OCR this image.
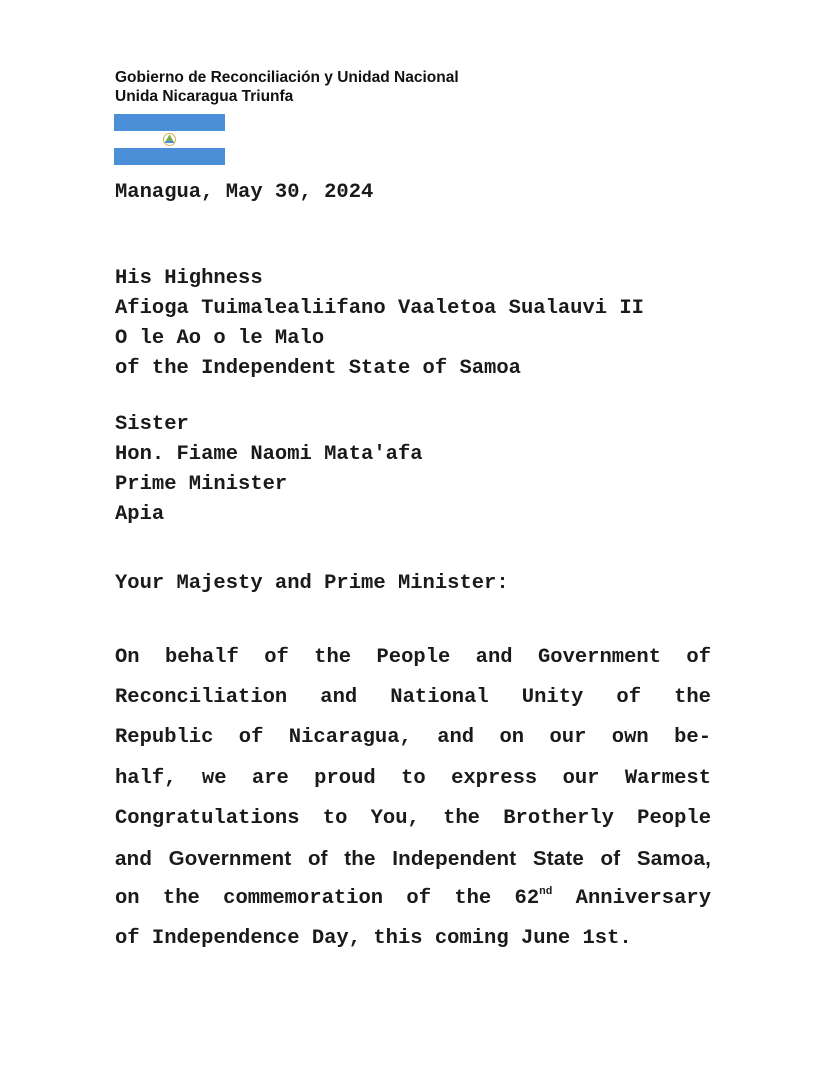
Gobierno de Reconciliación y Unidad Nacional
Unida Nicaragua Triunfa
Managua, May 30, 2024
His Highness
Afioga Tuimalealiifano Vaaletoa Sualauvi II
O le Ao o le Malo
of the Independent State of Samoa
Sister
Hon. Fiame Naomi Mata'afa
Prime Minister
Apia
Your Majesty and Prime Minister:
On behalf of the People and Government of
Reconciliation and National Unity of the
Republic of Nicaragua, and on our own be-
half, we are proud to express our Warmest
Congratulations to You, the Brotherly People
and Government of the Independent State of Samoa,
on the commemoration of the 62nd Anniversary
of Independence Day, this coming June 1st.
